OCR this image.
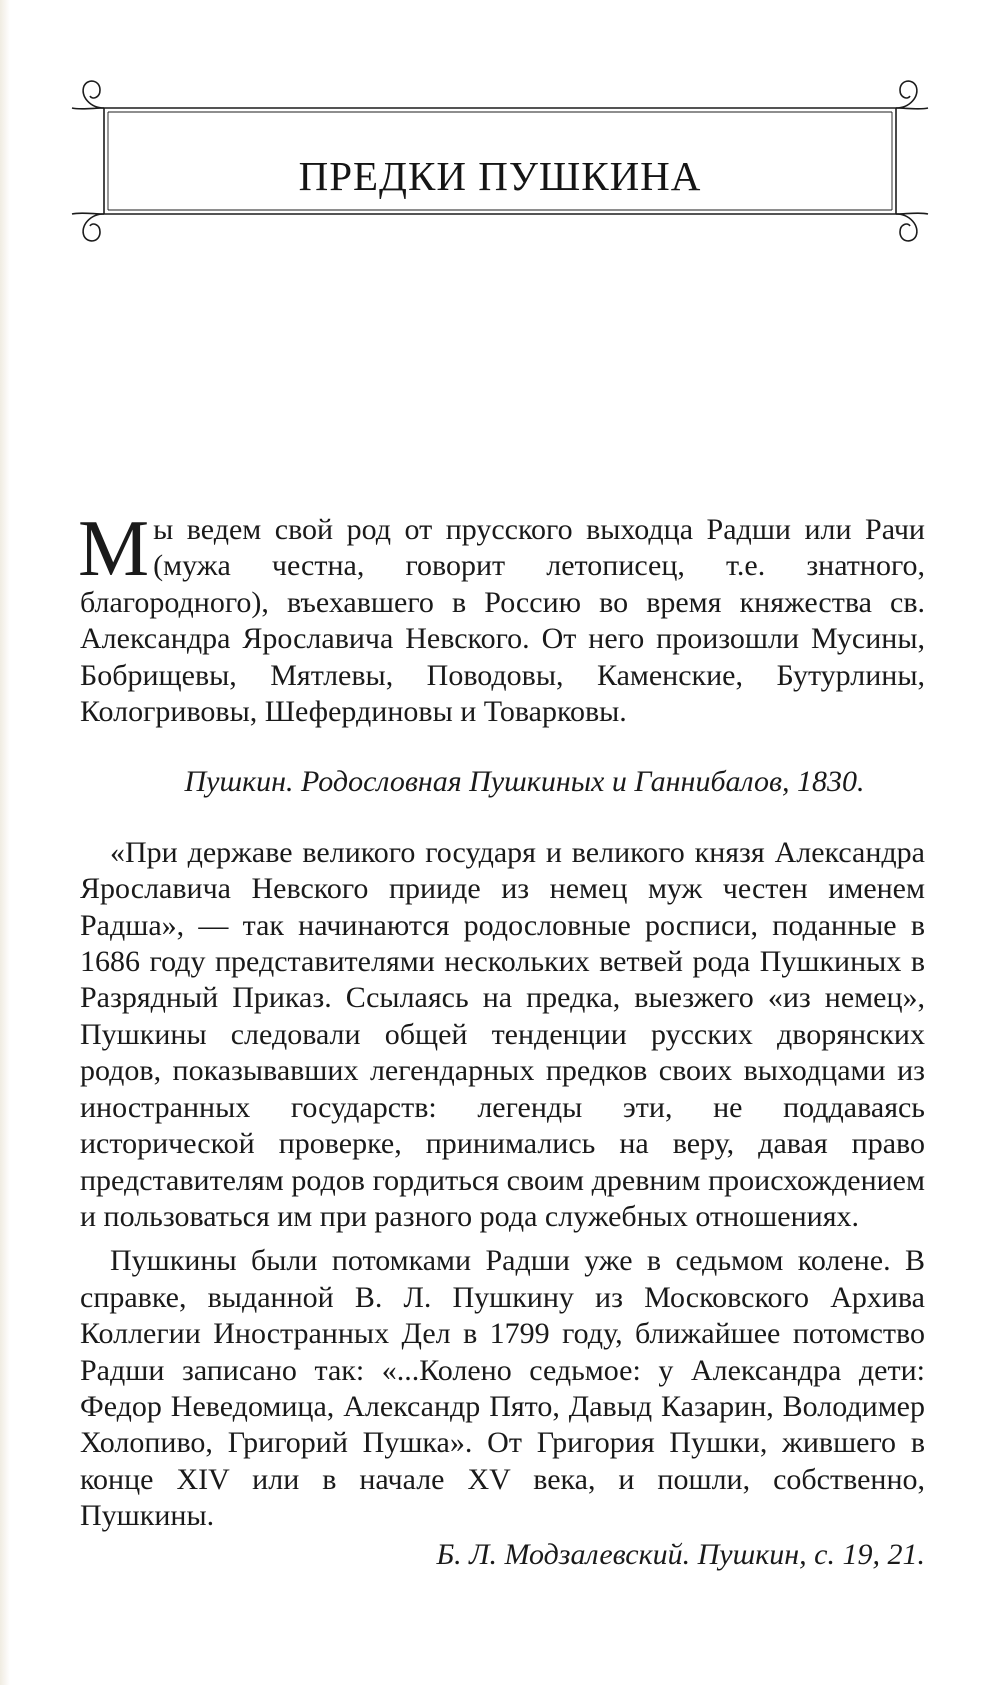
ПРЕДКИ ПУШКИНА

Мы ведем свой род от прусского выходца Радши или Рачи (мужа честна, говорит летописец, т.е. знатного, благородного), въехавшего в Россию во время княжества св. Александра Ярославича Невского. От него произошли Мусины, Бобрищевы, Мятлевы, Поводовы, Каменские, Бутурлины, Кологривовы, Шефердиновы и Товарковы.

Пушкин. Родословная Пушкиных и Ганнибалов, 1830.

«При державе великого государя и великого князя Александра Ярославича Невского прииде из немец муж честен именем Радша», — так начинаются родословные росписи, поданные в 1686 году представителями нескольких ветвей рода Пушкиных в Разрядный Приказ. Ссылаясь на предка, выезжего «из немец», Пушкины следовали общей тенденции русских дворянских родов, показывавших легендарных предков своих выходцами из иностранных государств: легенды эти, не поддаваясь исторической проверке, принимались на веру, давая право представителям родов гордиться своим древним происхождением и пользоваться им при разного рода служебных отношениях.

Пушкины были потомками Радши уже в седьмом колене. В справке, выданной В. Л. Пушкину из Московского Архива Коллегии Иностранных Дел в 1799 году, ближайшее потомство Радши записано так: «...Колено седьмое: у Александра дети: Федор Неведомица, Александр Пято, Давыд Казарин, Володимер Холопиво, Григорий Пушка». От Григория Пушки, жившего в конце XIV или в начале XV века, и пошли, собственно, Пушкины.

Б. Л. Модзалевский. Пушкин, с. 19, 21.
